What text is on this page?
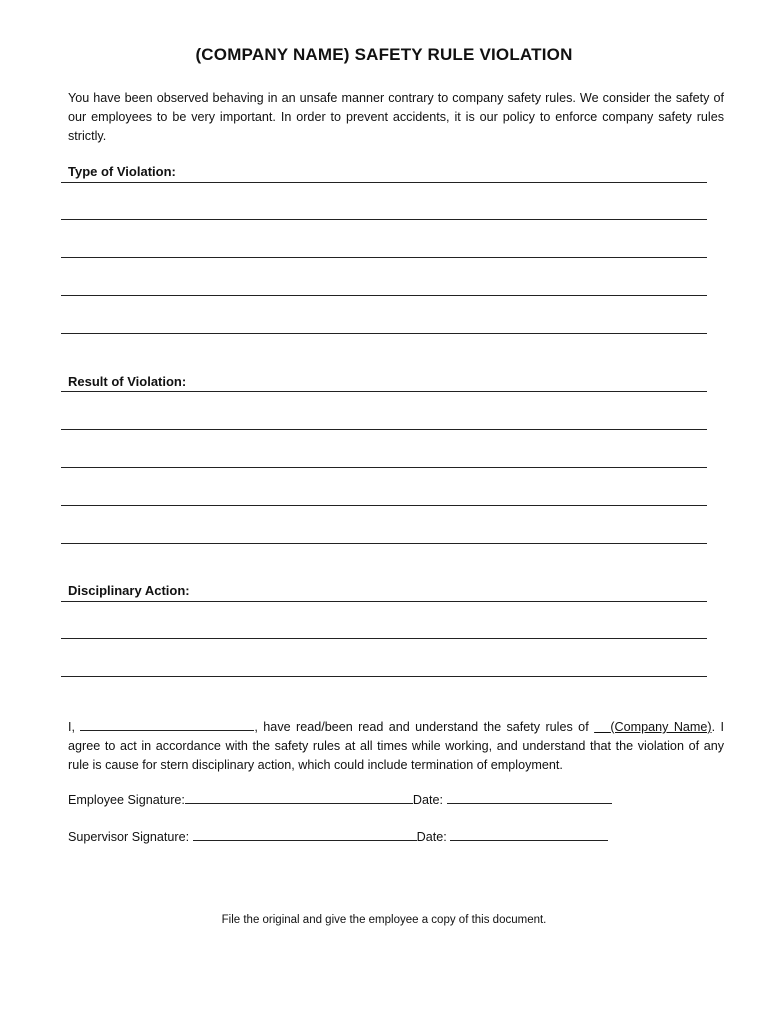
(COMPANY NAME) SAFETY RULE VIOLATION
You have been observed behaving in an unsafe manner contrary to company safety rules. We consider the safety of our employees to be very important. In order to prevent accidents, it is our policy to enforce company safety rules strictly.
Type of Violation:
Result of Violation:
Disciplinary Action:
I,	, have read/been read and understand the safety rules of (Company Name). I agree to act in accordance with the safety rules at all times while working, and understand that the violation of any rule is cause for stern disciplinary action, which could include termination of employment.
Employee Signature:	Date:
Supervisor Signature:	Date:
File the original and give the employee a copy of this document.
